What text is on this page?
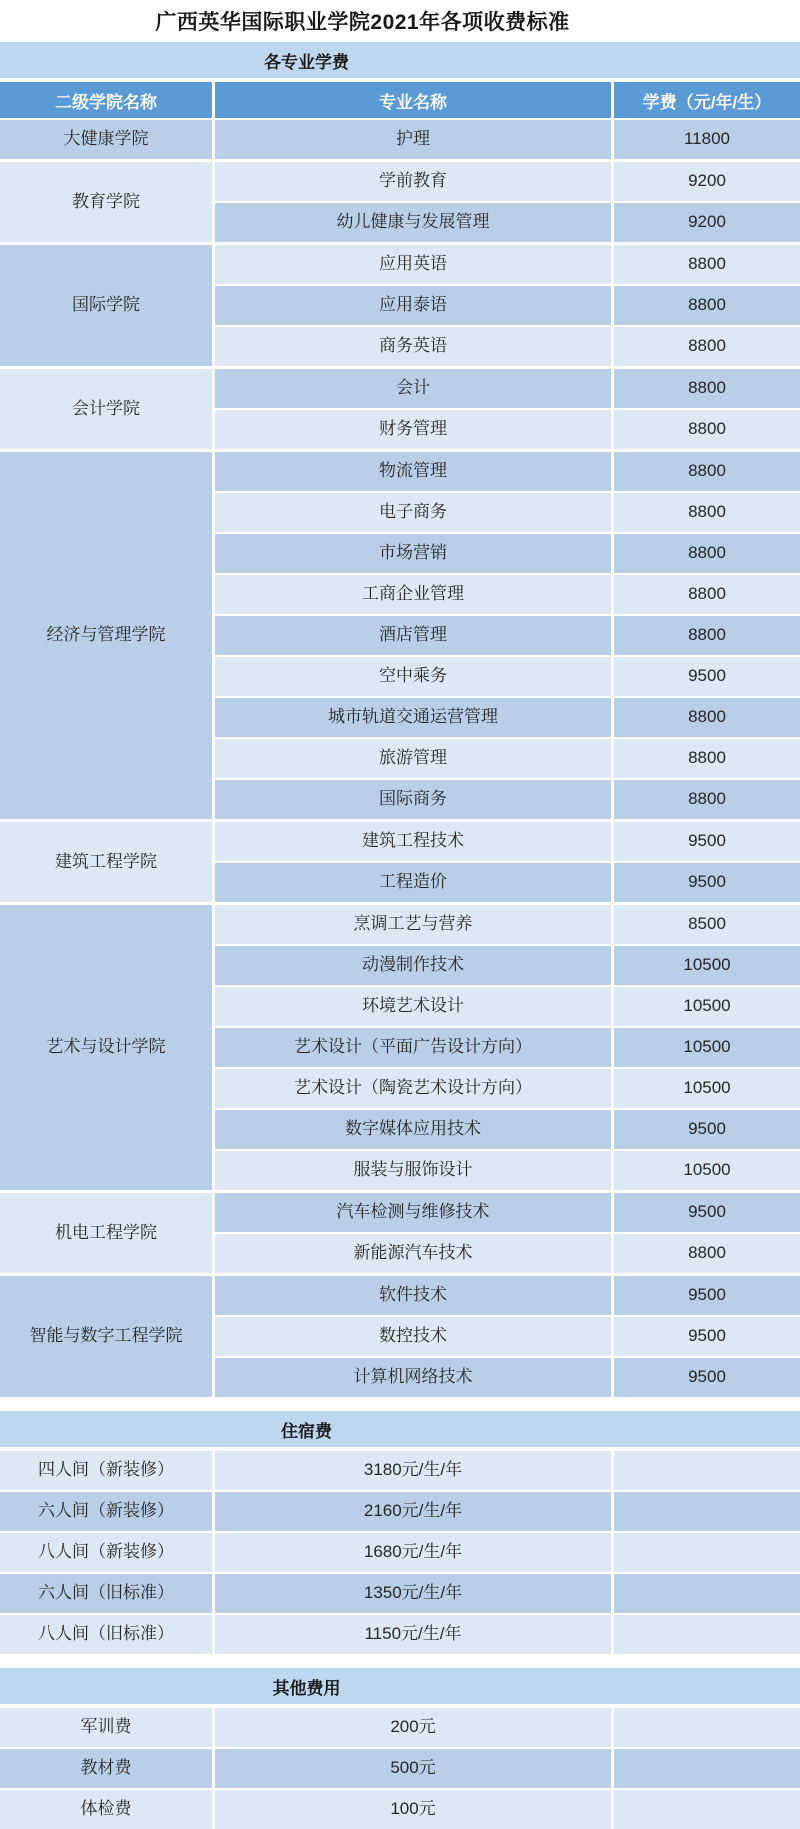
广西英华国际职业学院2021年各项收费标准
各专业学费
二级学院名称	专业名称	学费（元/年/生）
大健康学院	护理	11800
教育学院
学前教育	9200
幼儿健康与发展管理	9200
国际学院
应用英语	8800
应用泰语	8800
商务英语	8800
会计学院
会计	8800
财务管理	8800
经济与管理学院
物流管理	8800
电子商务	8800
市场营销	8800
工商企业管理	8800
酒店管理	8800
空中乘务	9500
城市轨道交通运营管理	8800
旅游管理	8800
国际商务	8800
建筑工程学院
建筑工程技术	9500
工程造价	9500
艺术与设计学院
烹调工艺与营养	8500
动漫制作技术	10500
环境艺术设计	10500
艺术设计（平面广告设计方向）	10500
艺术设计（陶瓷艺术设计方向）	10500
数字媒体应用技术	9500
服装与服饰设计	10500
机电工程学院
汽车检测与维修技术	9500
新能源汽车技术	8800
智能与数字工程学院
软件技术	9500
数控技术	9500
计算机网络技术	9500
住宿费
四人间（新装修）	3180元/生/年
六人间（新装修）	2160元/生/年
八人间（新装修）	1680元/生/年
六人间（旧标准）	1350元/生/年
八人间（旧标准）	1150元/生/年
其他费用
军训费	200元
教材费	500元
体检费	100元
